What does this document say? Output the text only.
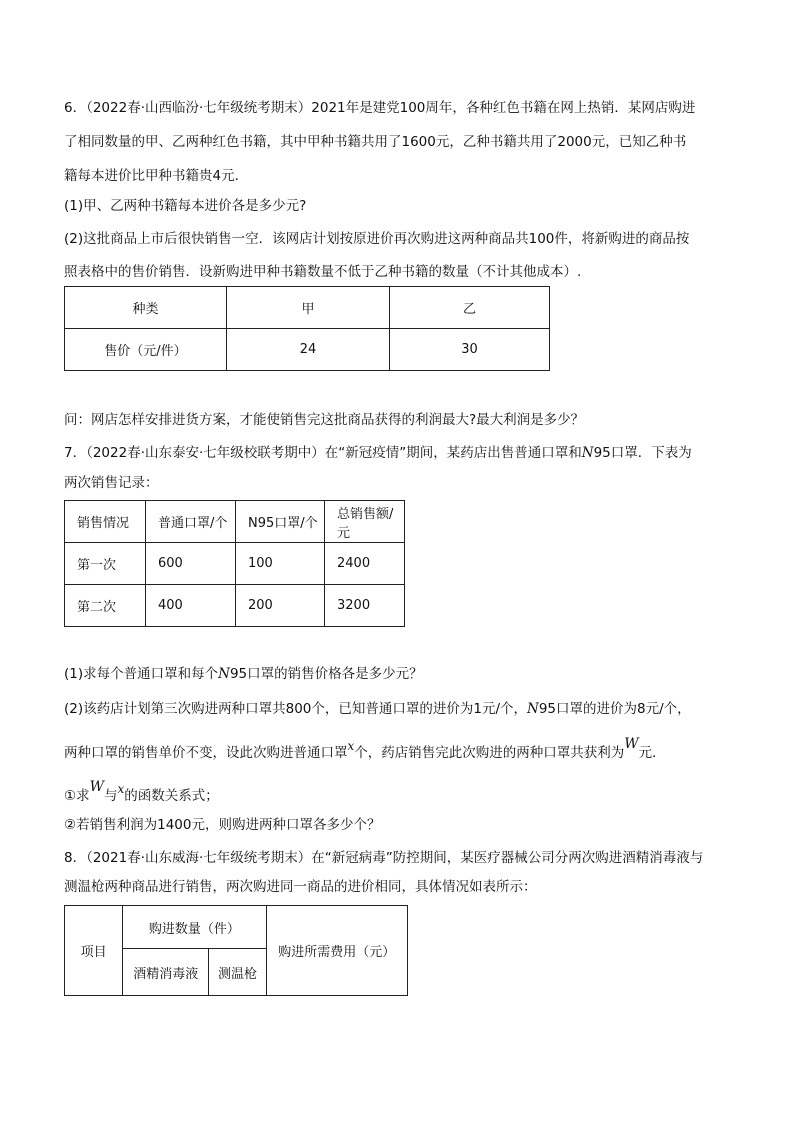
6．（2022春·山西临汾·七年级统考期末）2021年是建党100周年，各种红色书籍在网上热销．某网店购进
了相同数量的甲、乙两种红色书籍，其中甲种书籍共用了1600元，乙种书籍共用了2000元，已知乙种书
籍每本进价比甲种书籍贵4元．
(1)甲、乙两种书籍每本进价各是多少元?
(2)这批商品上市后很快销售一空．该网店计划按原进价再次购进这两种商品共100件，将新购进的商品按
照表格中的售价销售．设新购进甲种书籍数量不低于乙种书籍的数量（不计其他成本）.
种类	甲	乙
售价（元/件）	24	30
问：网店怎样安排进货方案，才能使销售完这批商品获得的利润最大?最大利润是多少？
7．（2022春·山东泰安·七年级校联考期中）在“新冠疫情”期间，某药店出售普通口罩和N95口罩．下表为
两次销售记录：
销售情况	普通口罩/个	N95口罩/个	总销售额/元
第一次	600	100	2400
第二次	400	200	3200
(1)求每个普通口罩和每个N95口罩的销售价格各是多少元？
(2)该药店计划第三次购进两种口罩共800个，已知普通口罩的进价为1元/个，N95口罩的进价为8元/个，
两种口罩的销售单价不变，设此次购进普通口罩x个，药店销售完此次购进的两种口罩共获利为W元．
①求W与x的函数关系式；
②若销售利润为1400元，则购进两种口罩各多少个？
8．（2021春·山东威海·七年级统考期末）在“新冠病毒”防控期间，某医疗器械公司分两次购进酒精消毒液与
测温枪两种商品进行销售，两次购进同一商品的进价相同，具体情况如表所示：
项目	购进数量（件）		购进所需费用（元）
	酒精消毒液	测温枪	
